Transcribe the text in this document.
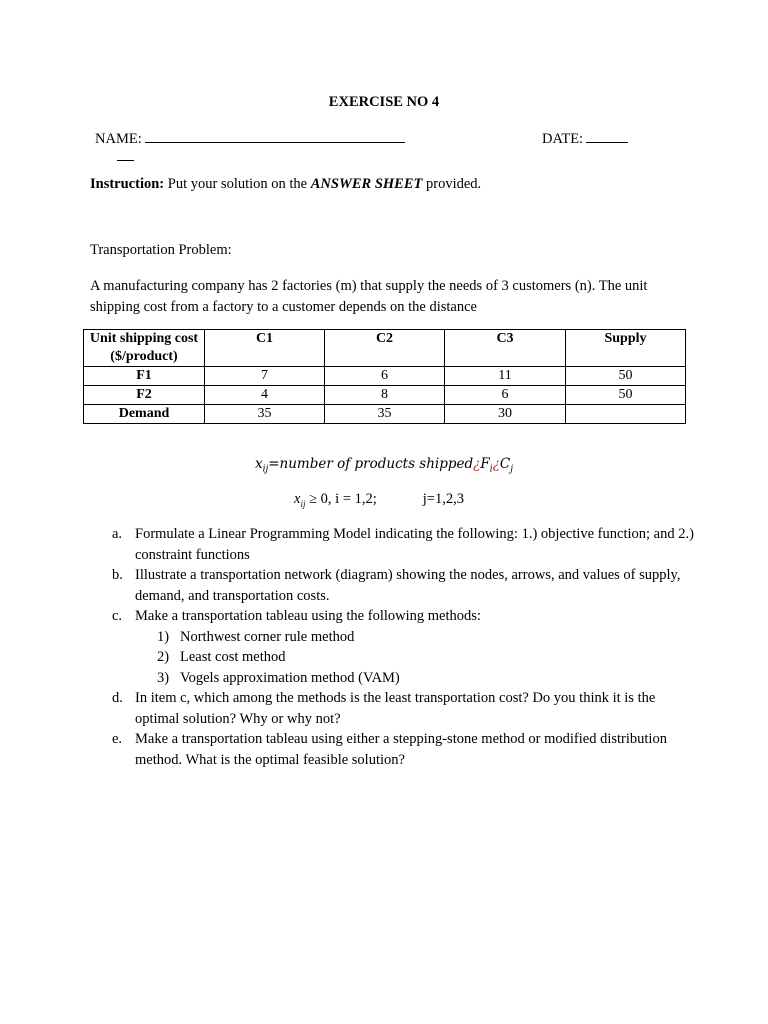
EXERCISE NO 4
NAME:	DATE:
Instruction: Put your solution on the ANSWER SHEET provided.
Transportation Problem:
A manufacturing company has 2 factories (m) that supply the needs of 3 customers (n). The unit shipping cost from a factory to a customer depends on the distance
Unit shipping cost ($/product)	C1	C2	C3	Supply
F1	7	6	11	50
F2	4	8	6	50
Demand	35	35	30	
$x_{ij}=number$ of products $shipped¿F_i¿C_j$
$x_{ij} \ge 0$, i = 1,2;	j=1,2,3
a. Formulate a Linear Programming Model indicating the following: 1.) objective function; and 2.) constraint functions
b. Illustrate a transportation network (diagram) showing the nodes, arrows, and values of supply, demand, and transportation costs.
c. Make a transportation tableau using the following methods:
1) Northwest corner rule method
2) Least cost method
3) Vogels approximation method (VAM)
d. In item c, which among the methods is the least transportation cost? Do you think it is the optimal solution? Why or why not?
e. Make a transportation tableau using either a stepping-stone method or modified distribution method. What is the optimal feasible solution?
